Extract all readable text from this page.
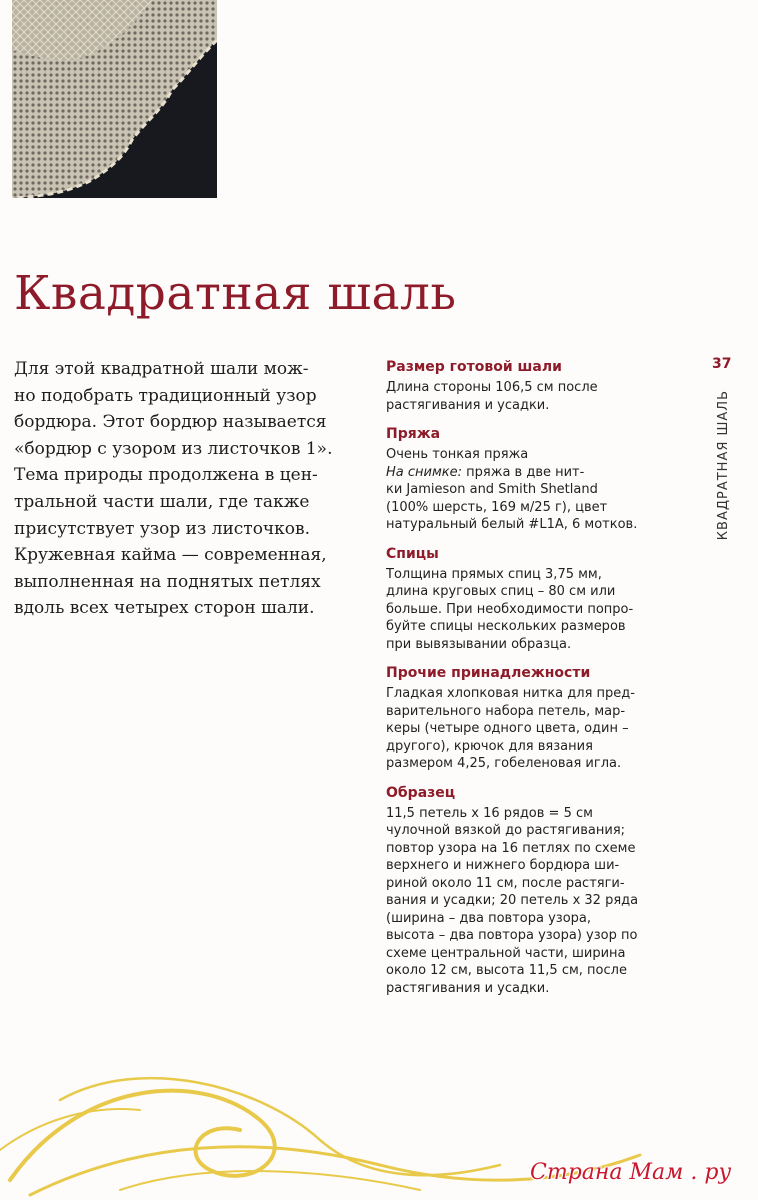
Квадратная шаль
Для этой квадратной шали мож-
но подобрать традиционный узор
бордюра. Этот бордюр называется
«бордюр с узором из листочков 1».
Тема природы продолжена в цен-
тральной части шали, где также
присутствует узор из листочков.
Кружевная кайма — современная,
выполненная на поднятых петлях
вдоль всех четырех сторон шали.
37
КВАДРАТНАЯ ШАЛЬ
Размер готовой шали
Длина стороны 106,5 см после
растягивания и усадки.
Пряжа
Очень тонкая пряжа
На снимке: пряжа в две нит-
ки Jamieson and Smith Shetland
(100% шерсть, 169 м/25 г), цвет
натуральный белый #L1A, 6 мотков.
Спицы
Толщина прямых спиц 3,75 мм,
длина круговых спиц – 80 см или
больше. При необходимости попро-
буйте спицы нескольких размеров
при вывязывании образца.
Прочие принадлежности
Гладкая хлопковая нитка для пред-
варительного набора петель, мар-
керы (четыре одного цвета, один –
другого), крючок для вязания
размером 4,25, гобеленовая игла.
Образец
11,5 петель х 16 рядов = 5 см
чулочной вязкой до растягивания;
повтор узора на 16 петлях по схеме
верхнего и нижнего бордюра ши-
риной около 11 см, после растяги-
вания и усадки; 20 петель х 32 ряда
(ширина – два повтора узора,
высота – два повтора узора) узор по
схеме центральной части, ширина
около 12 см, высота 11,5 см, после
растягивания и усадки.
Страна Мам . ру
